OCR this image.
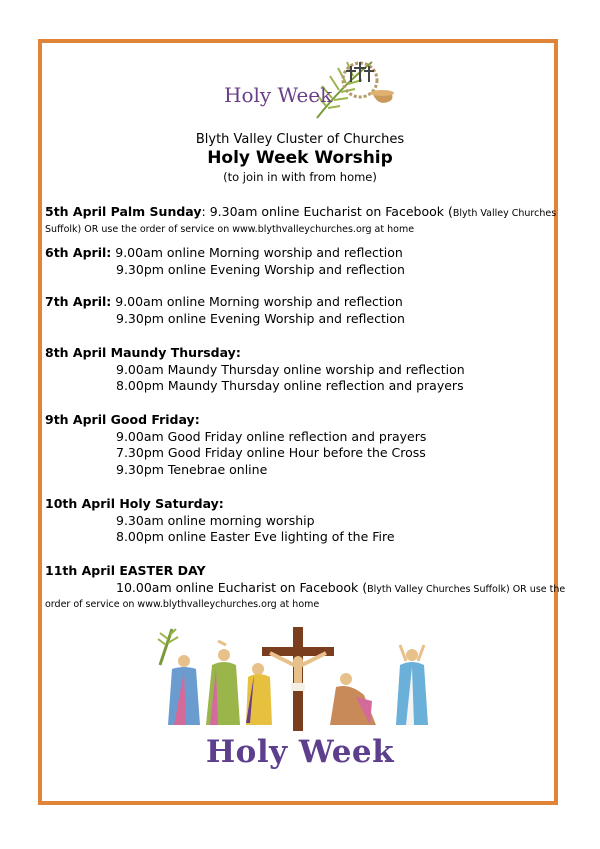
Holy Week
Blyth Valley Cluster of Churches
Holy Week Worship
(to join in with from home)
5th April Palm Sunday: 9.30am online Eucharist on Facebook (Blyth Valley Churches
Suffolk) OR use the order of service on www.blythvalleychurches.org at home
6th April: 9.00am online Morning worship and reflection
9.30pm online Evening Worship and reflection
7th April: 9.00am online Morning worship and reflection
9.30pm online Evening Worship and reflection
8th April Maundy Thursday:
9.00am Maundy Thursday online worship and reflection
8.00pm Maundy Thursday online reflection and prayers
9th April Good Friday:
9.00am Good Friday online reflection and prayers
7.30pm Good Friday online Hour before the Cross
9.30pm Tenebrae online
10th April Holy Saturday:
9.30am online morning worship
8.00pm online Easter Eve lighting of the Fire
11th April EASTER DAY
10.00am online Eucharist on Facebook (Blyth Valley Churches Suffolk) OR use the
order of service on www.blythvalleychurches.org at home
Holy Week
